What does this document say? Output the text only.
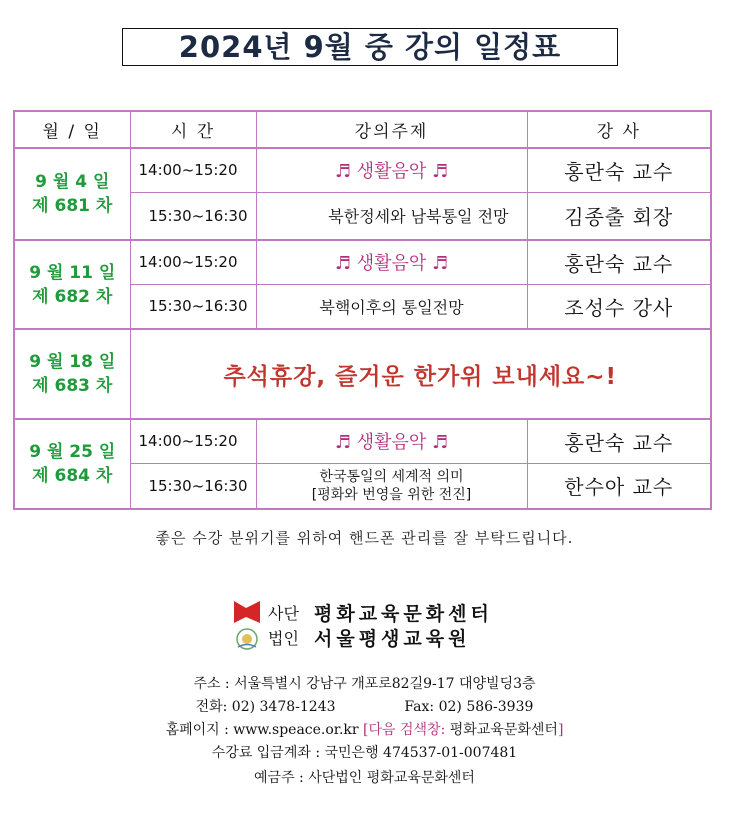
2024년 9월 중 강의 일정표
월 / 일	시 간	강의주제	강 사

9 월 4 일
제 681 차	14:00~15:20	♬ 생활음악 ♬	홍란숙 교수
	15:30~16:30	북한정세와 남북통일 전망	김종출 회장

9 월 11 일
제 682 차	14:00~15:20	♬ 생활음악 ♬	홍란숙 교수
	15:30~16:30	북핵이후의 통일전망	조성수 강사

9 월 18 일
제 683 차	추석휴강, 즐거운 한가위 보내세요~!		

9 월 25 일
제 684 차	14:00~15:20	♬ 생활음악 ♬	홍란숙 교수
	15:30~16:30	한국통일의 세계적 의미
[평화와 번영을 위한 전진]	한수아 교수
좋은 수강 분위기를 위하여 핸드폰 관리를 잘 부탁드립니다.
사단
법인
평화교육문화센터
서울평생교육원
주소 : 서울특별시 강남구 개포로82길9-17 대양빌딩3층
전화: 02) 3478-1243	Fax: 02) 586-3939
홈페이지 : www.speace.or.kr [다음 검색창: 평화교육문화센터]
수강료 입금계좌 : 국민은행 474537-01-007481
예금주 : 사단법인 평화교육문화센터
